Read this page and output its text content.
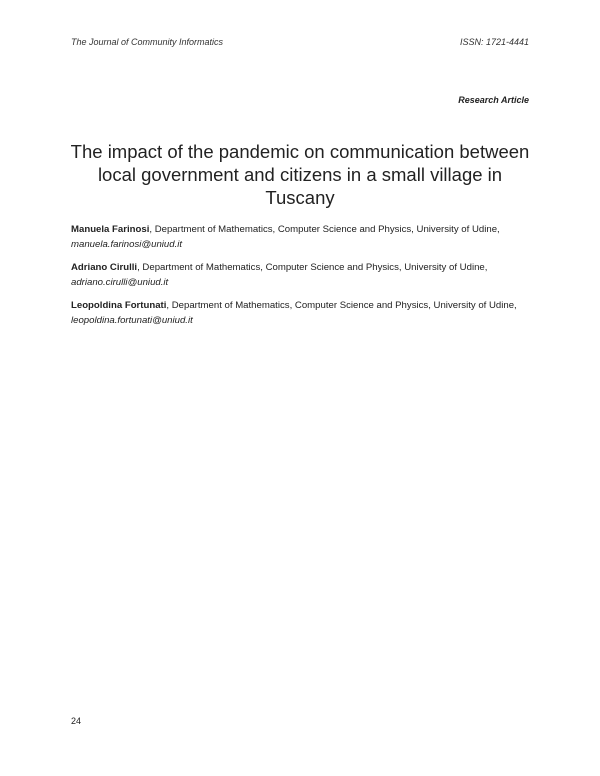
The Journal of Community Informatics	ISSN: 1721-4441
Research Article
The impact of the pandemic on communication between local government and citizens in a small village in Tuscany

Manuela Farinosi, Department of Mathematics, Computer Science and Physics, University of Udine, manuela.farinosi@uniud.it

Adriano Cirulli, Department of Mathematics, Computer Science and Physics, University of Udine, adriano.cirulli@uniud.it

Leopoldina Fortunati, Department of Mathematics, Computer Science and Physics, University of Udine, leopoldina.fortunati@uniud.it

24
